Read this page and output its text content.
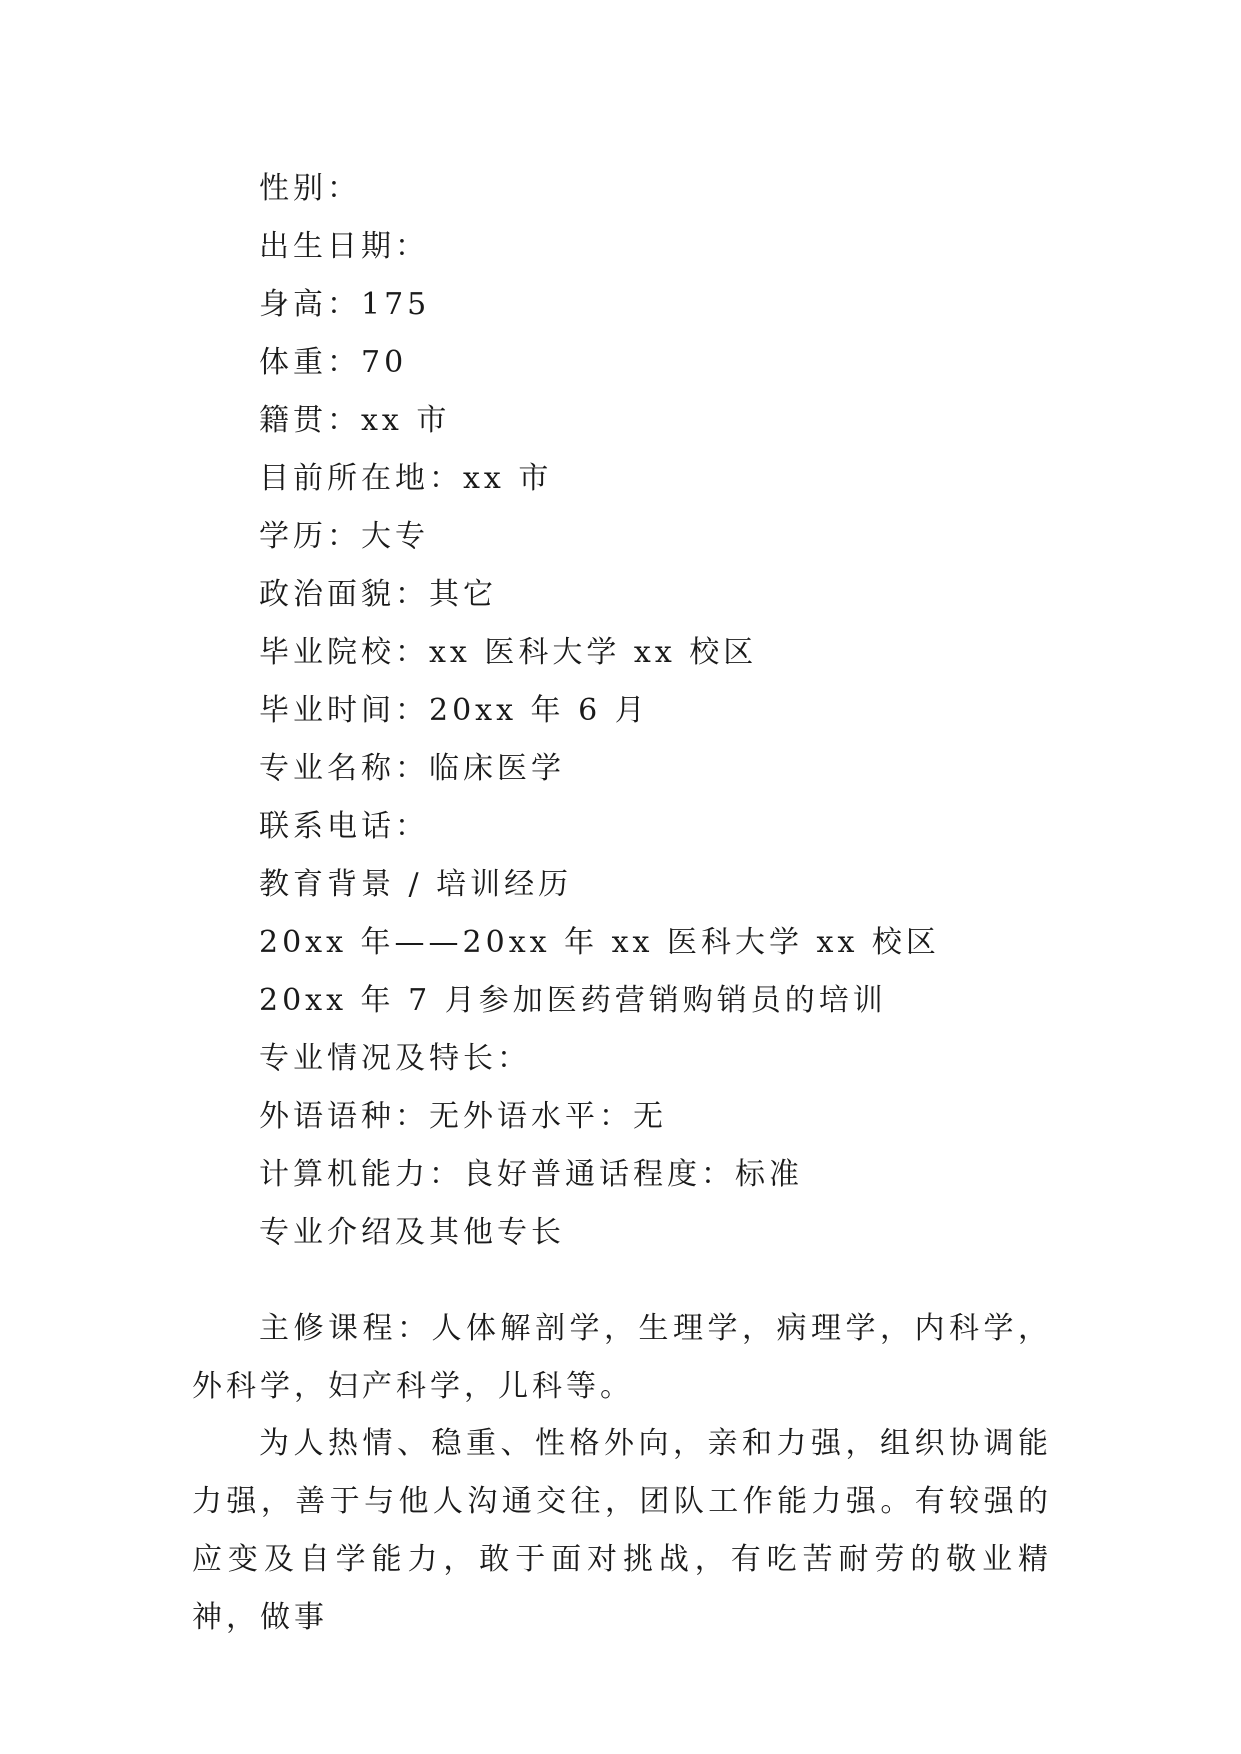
性别：
出生日期：
身高：175
体重：70
籍贯：xx 市
目前所在地：xx 市
学历：大专
政治面貌：其它
毕业院校：xx 医科大学 xx 校区
毕业时间：20xx 年 6 月
专业名称：临床医学
联系电话：
教育背景 / 培训经历
20xx 年——20xx 年 xx 医科大学 xx 校区
20xx 年 7 月参加医药营销购销员的培训
专业情况及特长：
外语语种：无外语水平：无
计算机能力：良好普通话程度：标准
专业介绍及其他专长

主修课程：人体解剖学，生理学，病理学，内科学，外科学，妇产科学，儿科等。

为人热情、稳重、性格外向，亲和力强，组织协调能力强，善于与他人沟通交往，团队工作能力强。有较强的应变及自学能力，敢于面对挑战，有吃苦耐劳的敬业精神，做事
